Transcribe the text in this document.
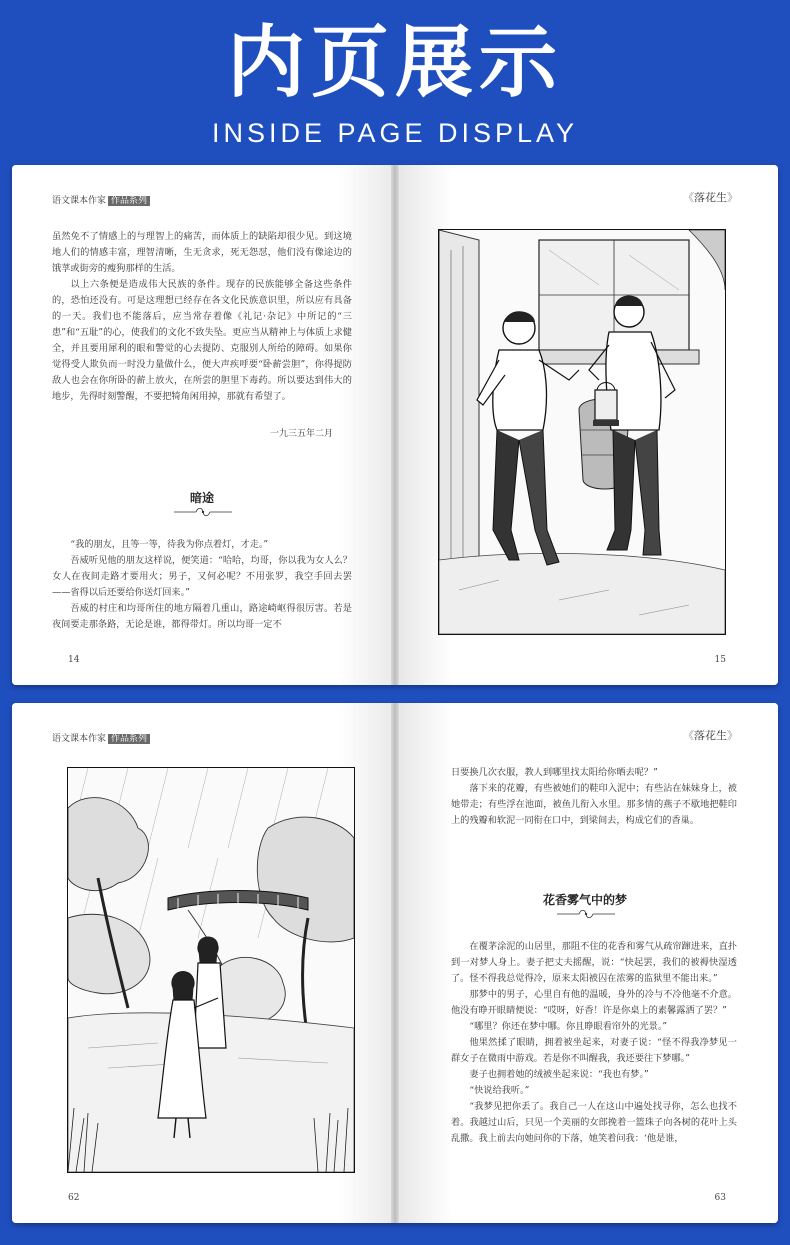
内页展示
INSIDE PAGE DISPLAY
语文课本作家 作品系列

虽然免不了情感上的与理智上的痛苦，而体质上的缺陷却很少见。到这境地人们的情感丰富，理智清晰，生无贪求，死无怨怼，他们没有像途边的饿莩或街旁的瘦狗那样的生活。

以上六条便是造成伟大民族的条件。现存的民族能够全备这些条件的，恐怕还没有。可是这理想已经存在各文化民族意识里，所以应有具备的一天。我们也不能落后，应当常存着像《礼记·杂记》中所记的“三患”和“五耻”的心，使我们的文化不致失坠。更应当从精神上与体质上求健全，并且要用犀利的眼和警觉的心去提防、克服别人所给的障碍。如果你觉得受人欺负而一时没力量做什么，便大声疾呼要“卧薪尝胆”，你得提防敌人也会在你所卧的薪上放火，在所尝的胆里下毒药。所以要达到伟大的地步，先得时刻警醒，不要把犄角闲用掉，那就有希望了。

一九三五年二月
暗途

“我的朋友，且等一等，待我为你点着灯，才走。”

吾威听见他的朋友这样说，便笑道：“哈哈，均哥，你以我为女人么？女人在夜间走路才要用火；男子，又何必呢？不用张罗，我空手回去罢——省得以后还要给你送灯回来。”

吾威的村庄和均哥所住的地方隔着几重山，路途崎岖得很厉害。若是夜间要走那条路，无论是谁，都得带灯。所以均哥一定不

14
《落花生》
15
语文课本作家 作品系列
62
《落花生》

日要换几次衣服，教人到哪里找太阳给你晒去呢？”

落下来的花瓣，有些被她们的鞋印入泥中；有些沾在妹妹身上，被她带走；有些浮在池面，被鱼儿衔入水里。那多情的燕子不歇地把鞋印上的残瓣和软泥一同衔在口中，到梁间去，构成它们的香巢。

花香雾气中的梦

在覆茅涂泥的山居里，那阻不住的花香和雾气从疏帘蹿进来，直扑到一对梦人身上。妻子把丈夫摇醒，说：“快起罢，我们的被褥快湿透了。怪不得我总觉得冷，原来太阳被囚在浓雾的监狱里不能出来。”

那梦中的男子，心里自有他的温暖，身外的冷与不冷他毫不介意。他没有睁开眼睛便说：“哎呀，好香！许是你桌上的素馨露洒了罢？”

“哪里？你还在梦中哪。你且睁眼看帘外的光景。”

他果然揉了眼睛，拥着被坐起来，对妻子说：“怪不得我净梦见一群女子在微雨中游戏。若是你不叫醒我，我还要往下梦哪。”

妻子也拥着她的绒被坐起来说：“我也有梦。”

“快说给我听。”

“我梦见把你丢了。我自己一人在这山中遍处找寻你，怎么也找不着。我越过山后，只见一个美丽的女郎挽着一篮珠子向各树的花叶上头乱撒。我上前去向她问你的下落，她笑着问我：‘他是谁，

63
